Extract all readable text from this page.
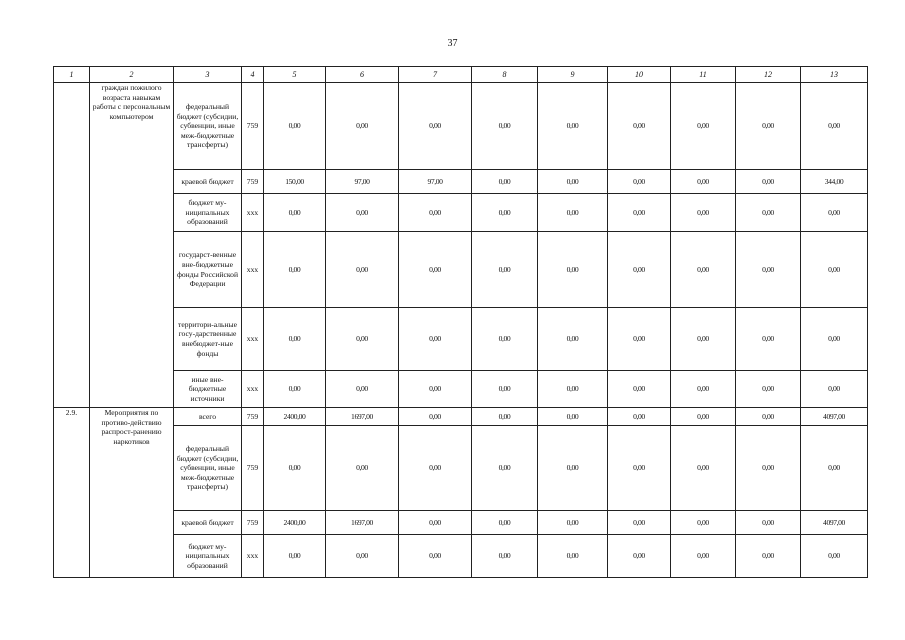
37
1	2	3	4	5	6	7	8	9	10	11	12	13
	граждан пожилого возраста навыкам работы с персональным компьютером	федеральный бюджет (субсидии, субвенции, иные меж-бюджетные трансферты)	759	0,00	0,00	0,00	0,00	0,00	0,00	0,00	0,00	0,00
		краевой бюджет	759	150,00	97,00	97,00	0,00	0,00	0,00	0,00	0,00	344,00
		бюджет му-ниципальных образований	ххх	0,00	0,00	0,00	0,00	0,00	0,00	0,00	0,00	0,00
		государст-венные вне-бюджетные фонды Российской Федерации	ххх	0,00	0,00	0,00	0,00	0,00	0,00	0,00	0,00	0,00
		территори-альные госу-дарственные внебюджет-ные фонды	ххх	0,00	0,00	0,00	0,00	0,00	0,00	0,00	0,00	0,00
		иные вне-бюджетные источники	ххх	0,00	0,00	0,00	0,00	0,00	0,00	0,00	0,00	0,00
2.9.	Мероприятия по противо-действию распрост-ранению наркотиков	всего	759	2400,00	1697,00	0,00	0,00	0,00	0,00	0,00	0,00	4097,00
		федеральный бюджет (субсидии, субвенции, иные меж-бюджетные трансферты)	759	0,00	0,00	0,00	0,00	0,00	0,00	0,00	0,00	0,00
		краевой бюджет	759	2400,00	1697,00	0,00	0,00	0,00	0,00	0,00	0,00	4097,00
		бюджет му-ниципальных образований	ххх	0,00	0,00	0,00	0,00	0,00	0,00	0,00	0,00	0,00
